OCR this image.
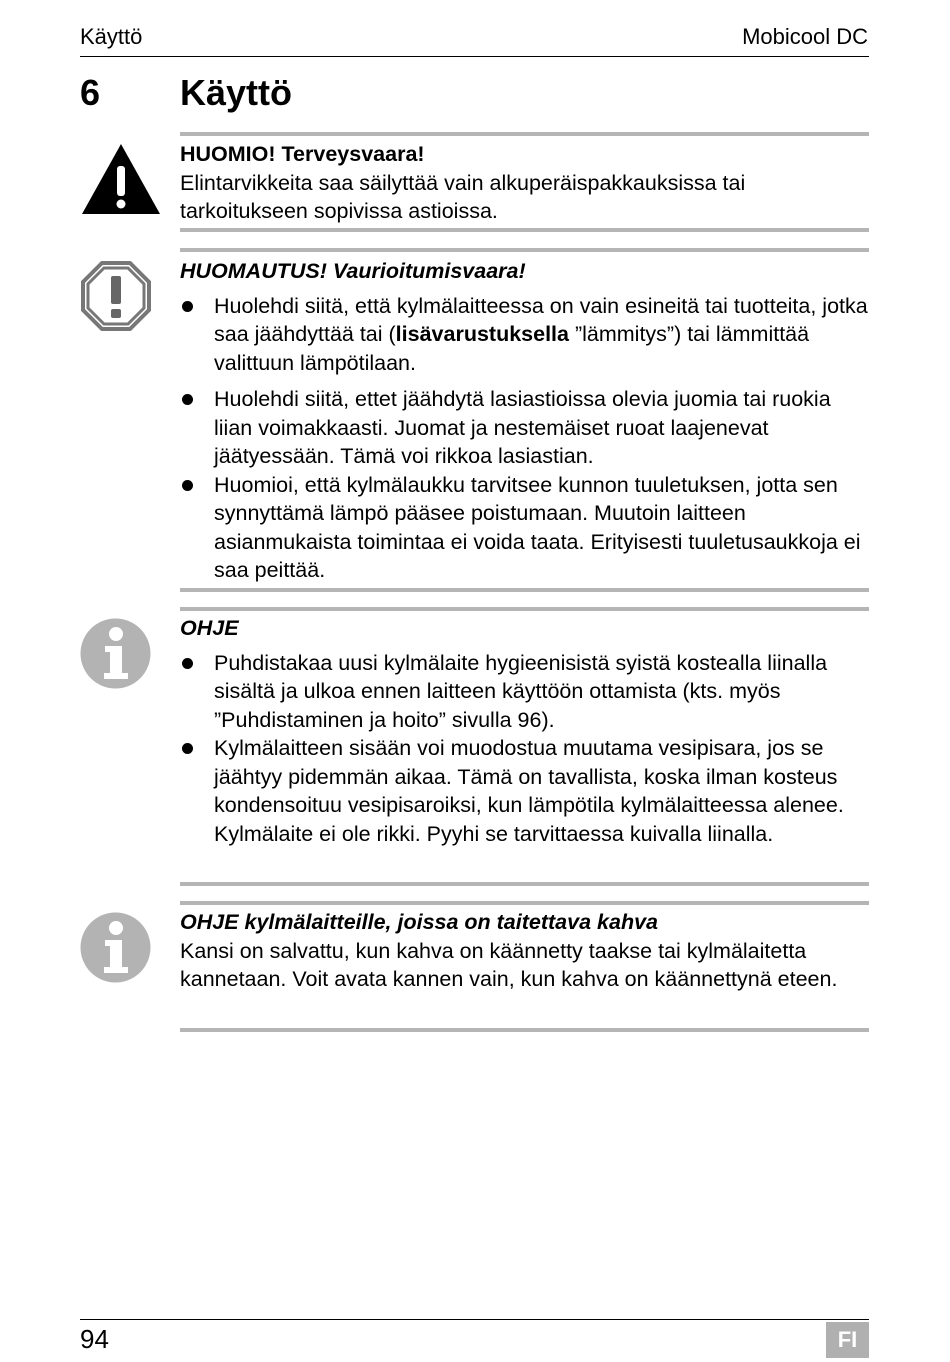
Käyttö	Mobicool DC
6 Käyttö
HUOMIO! Terveysvaara!

Elintarvikkeita saa säilyttää vain alkuperäispakkauksissa tai tarkoitukseen sopivissa astioissa.

HUOMAUTUS! Vaurioitumisvaara!
Huolehdi siitä, että kylmälaitteessa on vain esineitä tai tuotteita, jotka saa jäähdyttää tai (lisävarustuksella ”lämmitys”) tai lämmittää valittuun lämpötilaan.
Huolehdi siitä, ettet jäähdytä lasiastioissa olevia juomia tai ruokia liian voimakkaasti. Juomat ja nestemäiset ruoat laajenevat jäätyessään. Tämä voi rikkoa lasiastian.
Huomioi, että kylmälaukku tarvitsee kunnon tuuletuksen, jotta sen synnyttämä lämpö pääsee poistumaan. Muutoin laitteen asianmukaista toimintaa ei voida taata. Erityisesti tuuletusaukkoja ei saa peittää.
OHJE
Puhdistakaa uusi kylmälaite hygieenisistä syistä kostealla liinalla sisältä ja ulkoa ennen laitteen käyttöön ottamista (kts. myös ”Puhdistaminen ja hoito” sivulla 96).
Kylmälaitteen sisään voi muodostua muutama vesipisara, jos se jäähtyy pidemmän aikaa. Tämä on tavallista, koska ilman kosteus kondensoituu vesipisaroiksi, kun lämpötila kylmälaitteessa alenee. Kylmälaite ei ole rikki. Pyyhi se tarvittaessa kuivalla liinalla.
OHJE kylmälaitteille, joissa on taitettava kahva

Kansi on salvattu, kun kahva on käännetty taakse tai kylmälaitetta kannetaan. Voit avata kannen vain, kun kahva on käännettynä eteen.

94	FI
